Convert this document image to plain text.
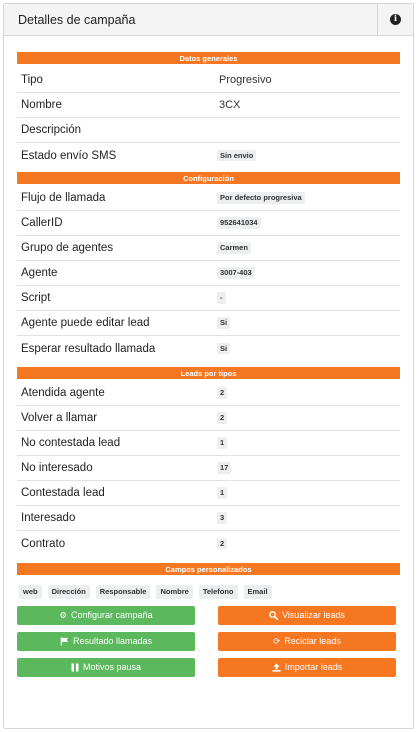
Detalles de campaña	i
Datos generales
Tipo	Progresivo
Nombre	3CX
Descripción
Estado envío SMS	Sin envio
Configuración
Flujo de llamada	Por defecto progresiva
CallerID	952641034
Grupo de agentes	Carmen
Agente	3007-403
Script	-
Agente puede editar lead	Si
Esperar resultado llamada	Si
Leads por tipos
Atendida agente	2
Volver a llamar	2
No contestada lead	1
No interesado	17
Contestada lead	1
Interesado	3
Contrato	2
Campos personalizados
web	Dirección	Responsable	Nombre	Telefono	Email
⚙ Configurar campaña	Visualizar leads
Resultado llamadas	⟳ Reciclar leads
Motivos pausa	Importar leads
